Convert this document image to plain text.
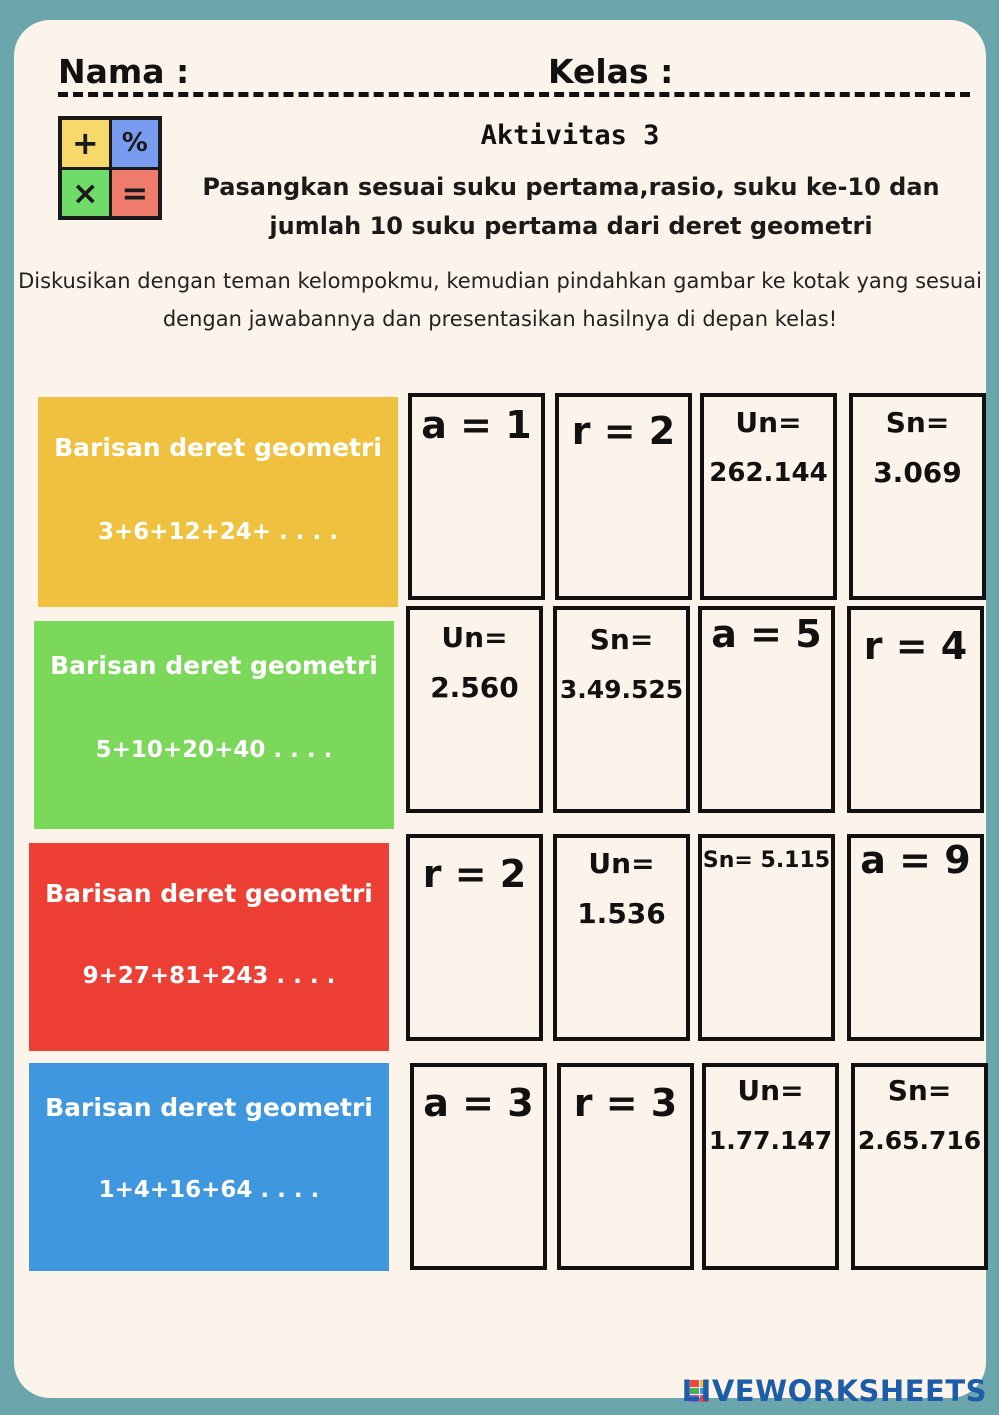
Nama :	Kelas :
+ %
× =
Aktivitas 3
Pasangkan sesuai suku pertama,rasio, suku ke-10 dan jumlah 10 suku pertama dari deret geometri
Diskusikan dengan teman kelompokmu, kemudian pindahkan gambar ke kotak yang sesuai dengan jawabannya dan presentasikan hasilnya di depan kelas!
Barisan deret geometri
3+6+12+24+ . . . .
a = 1	r = 2	Un=
262.144
Sn=
3.069
Barisan deret geometri
5+10+20+40 . . . .
Un=
2.560
Sn=
3.49.525
a = 5	r = 4
Barisan deret geometri
9+27+81+243 . . . .
r = 2	Un=
1.536
Sn= 5.115 a = 9
Barisan deret geometri
1+4+16+64 . . . .
a = 3	r = 3	Un=
1.77.147
Sn=
2.65.716
LIVEWORKSHEETS
